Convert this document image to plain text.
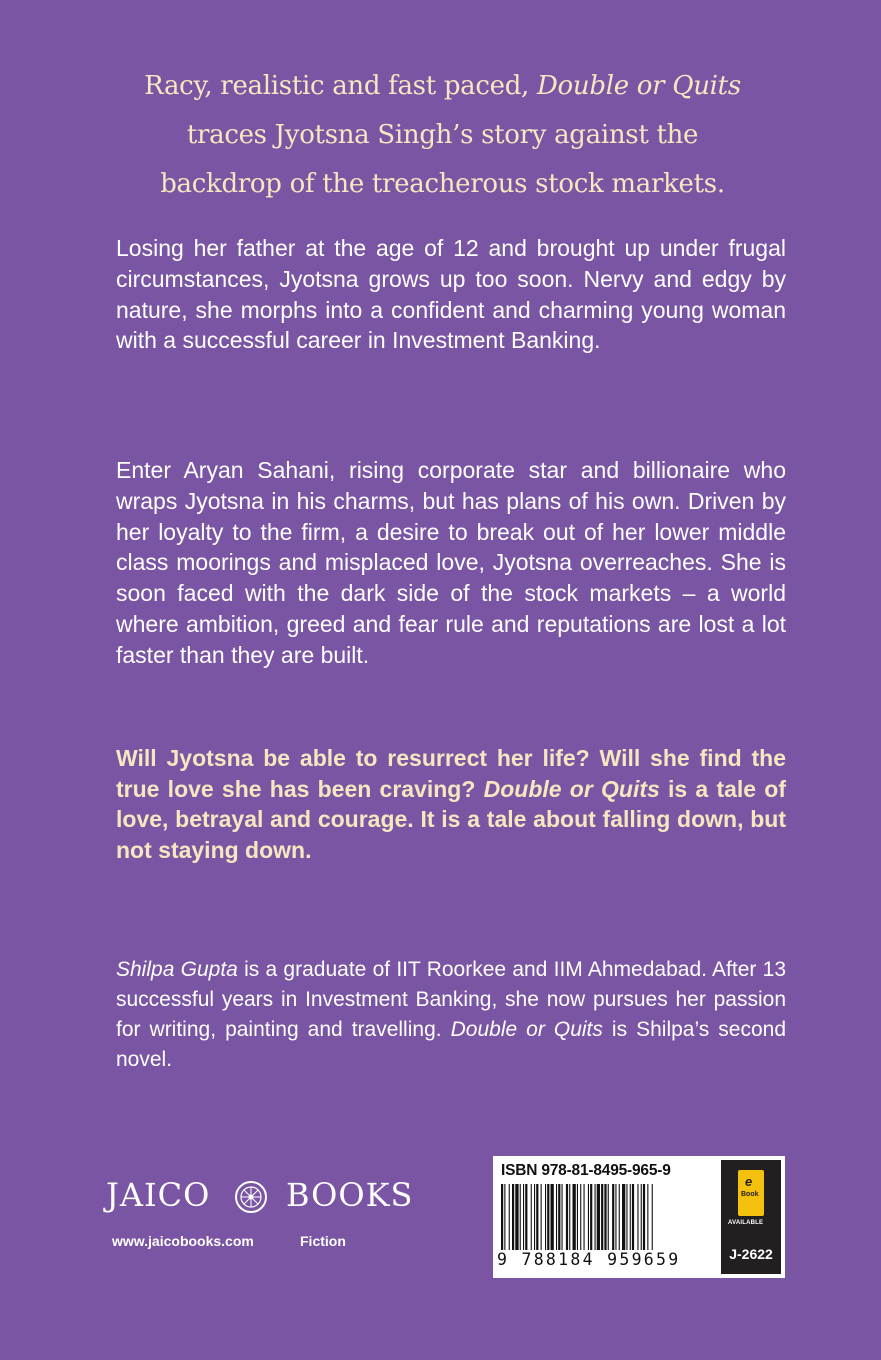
Racy, realistic and fast paced, Double or Quits
traces Jyotsna Singh’s story against the
backdrop of the treacherous stock markets.

Losing her father at the age of 12 and brought up under frugal circumstances, Jyotsna grows up too soon. Nervy and edgy by nature, she morphs into a confident and charming young woman with a successful career in Investment Banking.

Enter Aryan Sahani, rising corporate star and billionaire who wraps Jyotsna in his charms, but has plans of his own. Driven by her loyalty to the firm, a desire to break out of her lower middle class moorings and misplaced love, Jyotsna overreaches. She is soon faced with the dark side of the stock markets – a world where ambition, greed and fear rule and reputations are lost a lot faster than they are built.

Will Jyotsna be able to resurrect her life? Will she find the true love she has been craving? Double or Quits is a tale of love, betrayal and courage. It is a tale about falling down, but not staying down.

Shilpa Gupta is a graduate of IIT Roorkee and IIM Ahmedabad. After 13 successful years in Investment Banking, she now pursues her passion for writing, painting and travelling. Double or Quits is Shilpa’s second novel.

JAICO BOOKS
www.jaicobooks.com	Fiction
ISBN 978-81-8495-965-9
9 788184 959659
e
Book
AVAILABLE
J-2622
